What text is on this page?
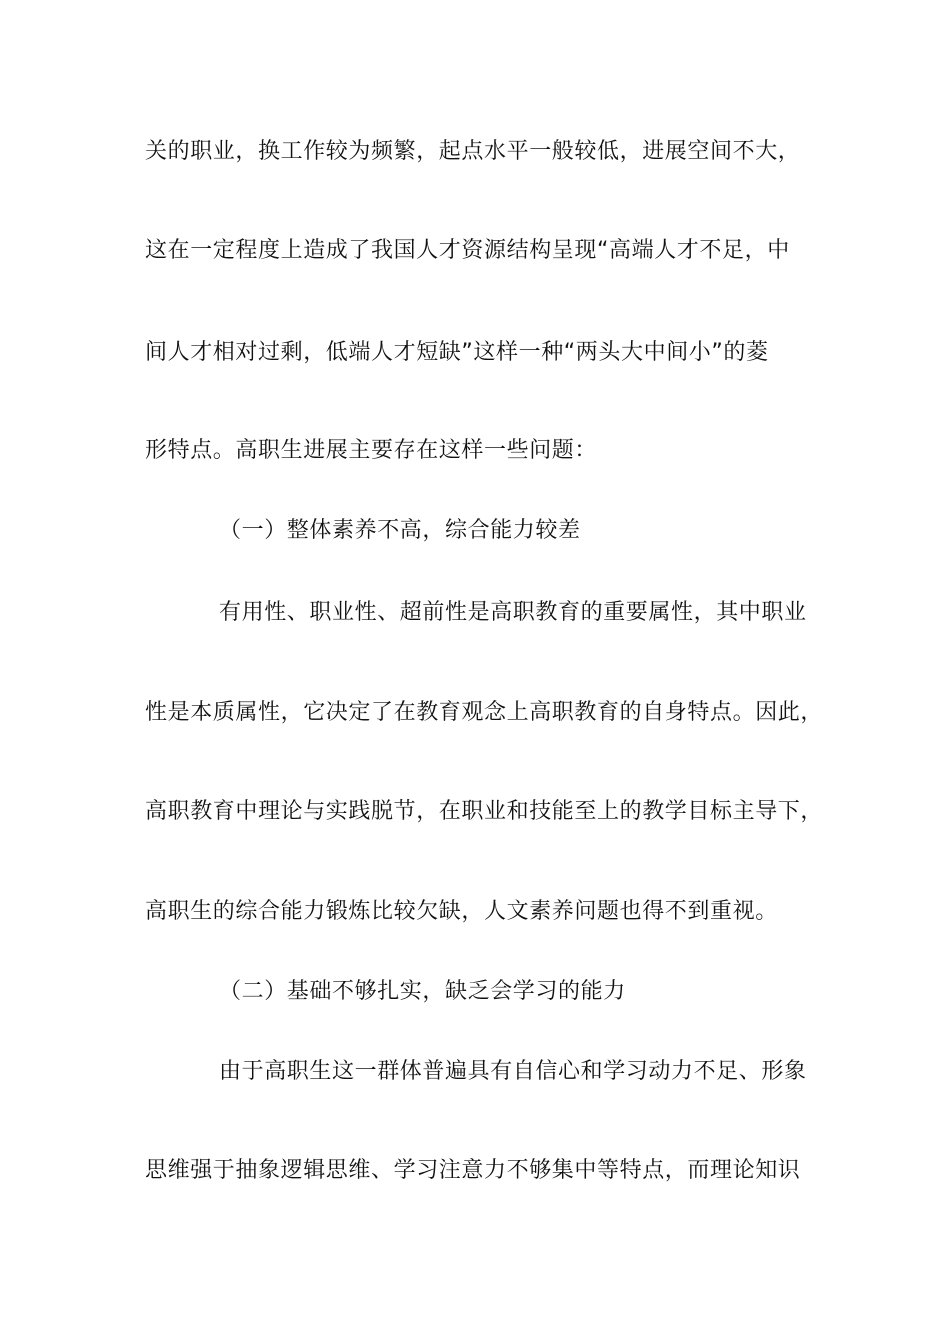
关的职业，换工作较为频繁，起点水平一般较低，进展空间不大，
这在一定程度上造成了我国人才资源结构呈现“高端人才不足，中
间人才相对过剩，低端人才短缺”这样一种“两头大中间小”的菱
形特点。高职生进展主要存在这样一些问题：
（一）整体素养不高，综合能力较差
有用性、职业性、超前性是高职教育的重要属性，其中职业
性是本质属性，它决定了在教育观念上高职教育的自身特点。因此，
高职教育中理论与实践脱节，在职业和技能至上的教学目标主导下，
高职生的综合能力锻炼比较欠缺，人文素养问题也得不到重视。
（二）基础不够扎实，缺乏会学习的能力
由于高职生这一群体普遍具有自信心和学习动力不足、形象
思维强于抽象逻辑思维、学习注意力不够集中等特点，而理论知识
